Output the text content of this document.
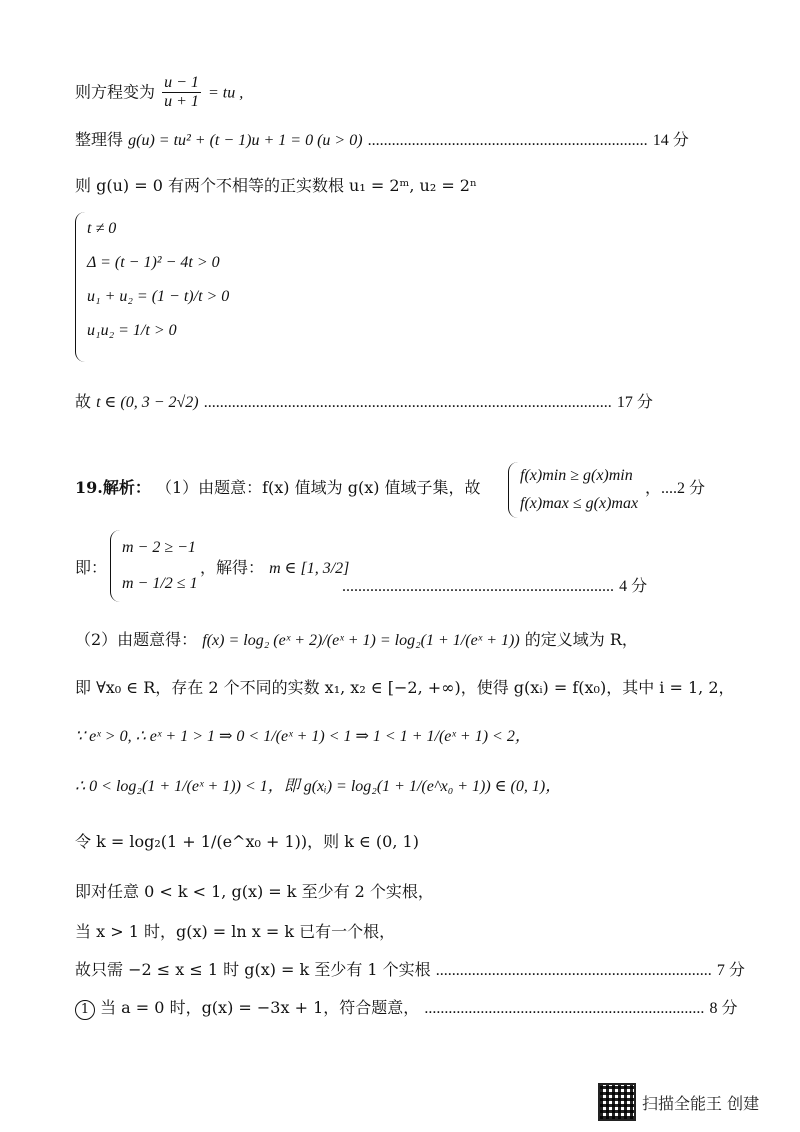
则方程变为 $\frac{u - 1}{u + 1}$ = tu ,
整理得 g(u) = tu² + (t − 1)u + 1 = 0 (u > 0) ...................................................................... 14 分
则 g(u) = 0 有两个不相等的正实数根 u₁ = 2ᵐ, u₂ = 2ⁿ
t ≠ 0
Δ = (t − 1)² − 4t > 0
u₁ + u₂ = (1 − t)/t > 0
u₁u₂ = 1/t > 0
故 t ∈ (0, 3 − 2√2) ...................................................................................................... 17 分
19.解析： （1）由题意：f(x) 值域为 g(x) 值域子集，故
f(x)min ≥ g(x)min
f(x)max ≤ g(x)max
，....2 分
即：
m − 2 ≥ −1
m − 1/2 ≤ 1
，解得： m ∈ [1, 3/2]
.................................................................... 4 分
（2）由题意得： f(x) = log₂ (eˣ + 2)/(eˣ + 1) = log₂(1 + 1/(eˣ + 1)) 的定义域为 R，
即 ∀x₀ ∈ R，存在 2 个不同的实数 x₁, x₂ ∈ [−2, +∞)，使得 g(xᵢ) = f(x₀)，其中 i = 1, 2，
∵ eˣ > 0, ∴ eˣ + 1 > 1 ⇒ 0 < 1/(eˣ + 1) < 1 ⇒ 1 < 1 + 1/(eˣ + 1) < 2，
∴ 0 < log₂(1 + 1/(eˣ + 1)) < 1，即 g(xᵢ) = log₂(1 + 1/(e^x₀ + 1)) ∈ (0, 1)，
令 k = log₂(1 + 1/(e^x₀ + 1))，则 k ∈ (0, 1)
即对任意 0 < k < 1, g(x) = k 至少有 2 个实根，
当 x > 1 时，g(x) = ln x = k 已有一个根，
故只需 −2 ≤ x ≤ 1 时 g(x) = k 至少有 1 个实根 ..................................................................... 7 分
1 当 a = 0 时，g(x) = −3x + 1，符合题意， ...................................................................... 8 分
扫描全能王 创建
